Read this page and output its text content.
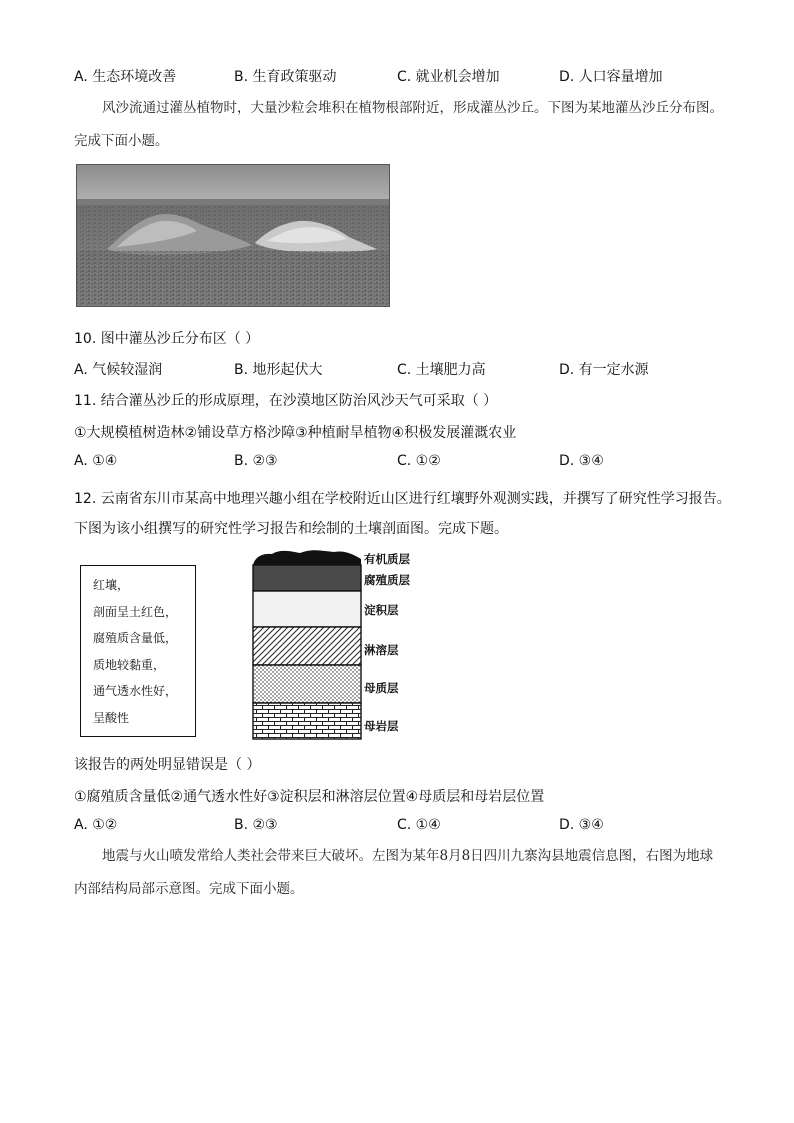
A. 生态环境改善	B. 生育政策驱动	C. 就业机会增加	D. 人口容量增加
风沙流通过灌丛植物时，大量沙粒会堆积在植物根部附近，形成灌丛沙丘。下图为某地灌丛沙丘分布图。完成下面小题。
10. 图中灌丛沙丘分布区（ ）
A. 气候较湿润	B. 地形起伏大	C. 土壤肥力高	D. 有一定水源
11. 结合灌丛沙丘的形成原理，在沙漠地区防治风沙天气可采取（ ）
①大规模植树造林②铺设草方格沙障③种植耐旱植物④积极发展灌溉农业
A. ①④	B. ②③	C. ①②	D. ③④
12. 云南省东川市某高中地理兴趣小组在学校附近山区进行红壤野外观测实践，并撰写了研究性学习报告。下图为该小组撰写的研究性学习报告和绘制的土壤剖面图。完成下题。
红壤，
剖面呈土红色，
腐殖质含量低，
质地较黏重，
通气透水性好，
呈酸性
有机质层
腐殖质层
淀积层
淋溶层
母质层
母岩层
该报告的两处明显错误是（ ）
①腐殖质含量低②通气透水性好③淀积层和淋溶层位置④母质层和母岩层位置
A. ①②	B. ②③	C. ①④	D. ③④
地震与火山喷发常给人类社会带来巨大破坏。左图为某年8月8日四川九寨沟县地震信息图，右图为地球内部结构局部示意图。完成下面小题。
